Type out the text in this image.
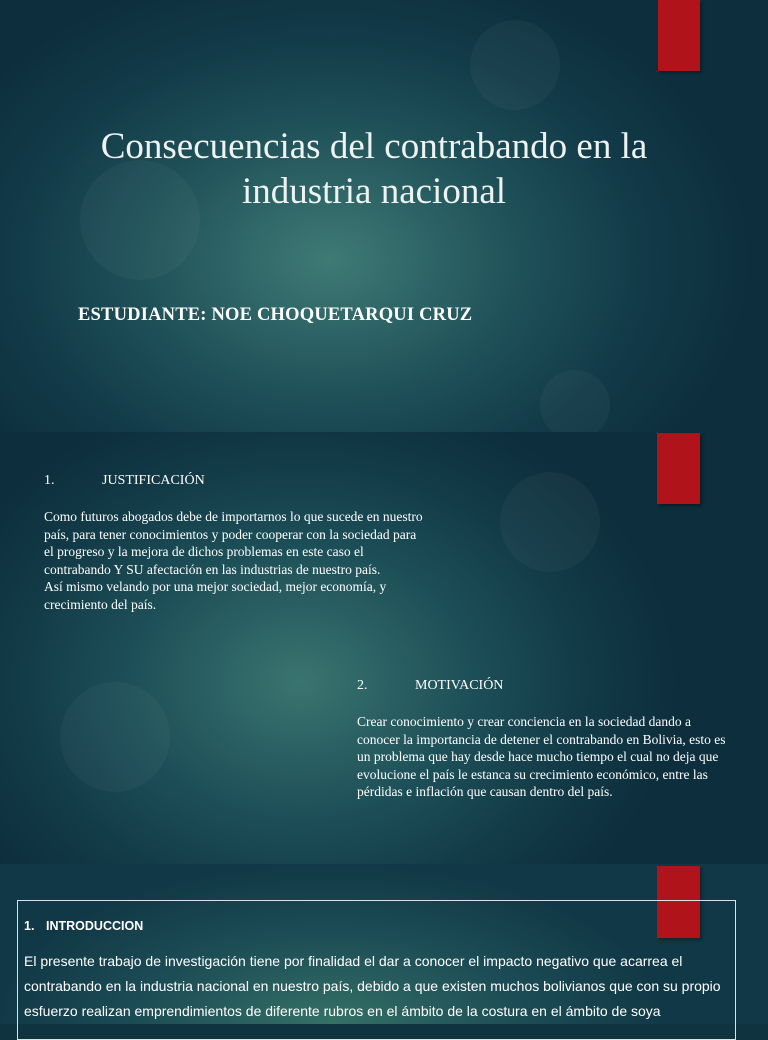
Consecuencias del contrabando en la industria nacional

ESTUDIANTE: NOE CHOQUETARQUI CRUZ

1.	JUSTIFICACIÓN

Como futuros abogados debe de importarnos lo que sucede en nuestro país, para tener conocimientos y poder cooperar con la sociedad para el progreso y la mejora de dichos problemas en este caso el contrabando Y SU afectación en las industrias de nuestro país.
Así mismo velando por una mejor sociedad, mejor economía, y crecimiento del país.

2.	MOTIVACIÓN

Crear conocimiento y crear conciencia en la sociedad dando a conocer la importancia de detener el contrabando en Bolivia, esto es un problema que hay desde hace mucho tiempo el cual no deja que evolucione el país le estanca su crecimiento económico, entre las pérdidas e inflación que causan dentro del país.

1. INTRODUCCION

El presente trabajo de investigación tiene por finalidad el dar a conocer el impacto negativo que acarrea el contrabando en la industria nacional en nuestro país, debido a que existen muchos bolivianos que con su propio esfuerzo realizan emprendimientos de diferente rubros en el ámbito de la costura en el ámbito de soya
